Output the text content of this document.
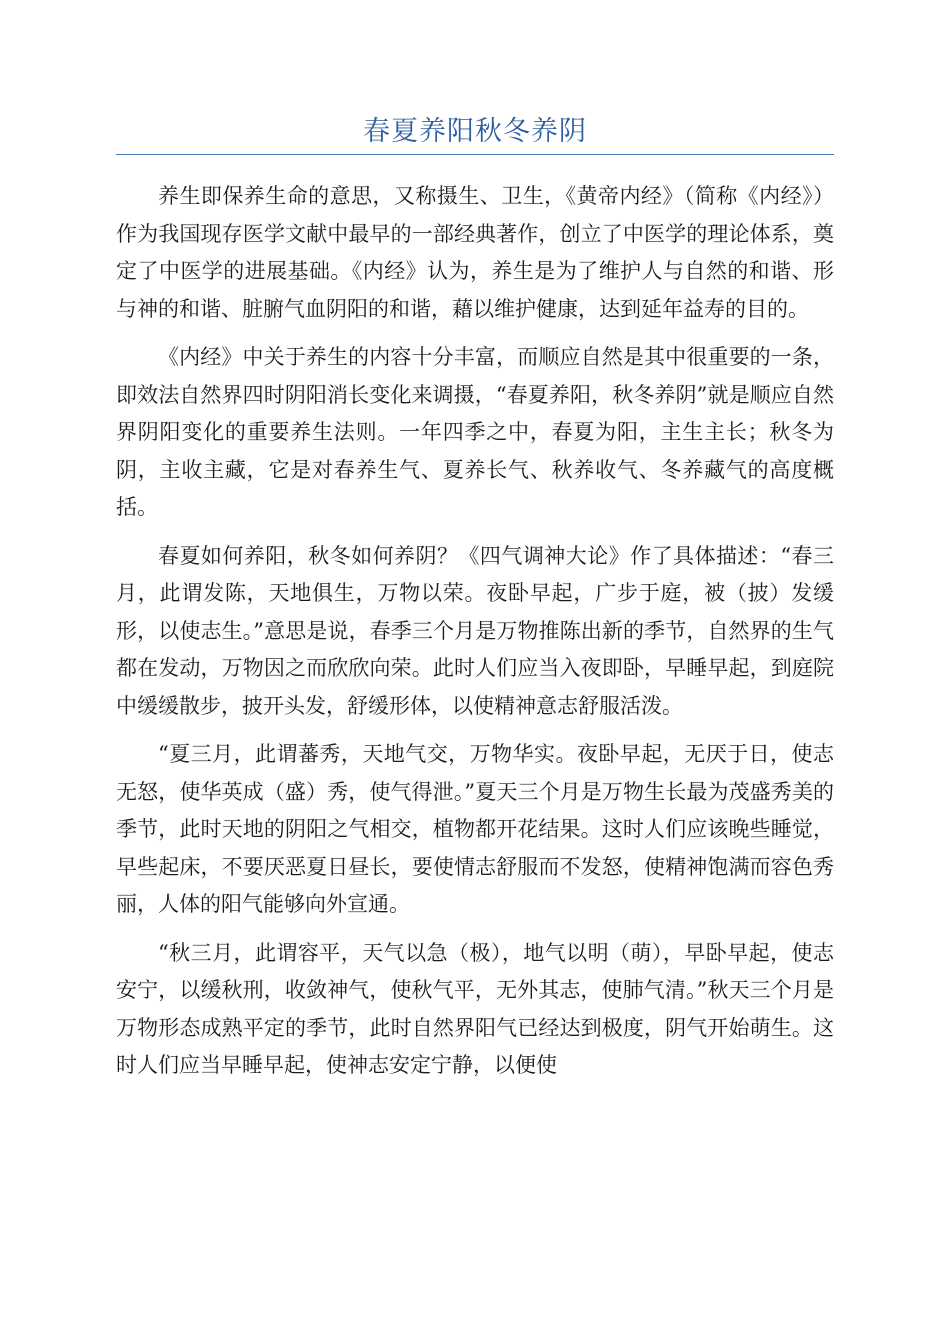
春夏养阳秋冬养阴

养生即保养生命的意思，又称摄生、卫生，《黄帝内经》（简称《内经》）作为我国现存医学文献中最早的一部经典著作，创立了中医学的理论体系，奠定了中医学的进展基础。《内经》认为，养生是为了维护人与自然的和谐、形与神的和谐、脏腑气血阴阳的和谐，藉以维护健康，达到延年益寿的目的。

《内经》中关于养生的内容十分丰富，而顺应自然是其中很重要的一条，即效法自然界四时阴阳消长变化来调摄，“春夏养阳，秋冬养阴”就是顺应自然界阴阳变化的重要养生法则。一年四季之中，春夏为阳，主生主长；秋冬为阴，主收主藏，它是对春养生气、夏养长气、秋养收气、冬养藏气的高度概括。

春夏如何养阳，秋冬如何养阴？《四气调神大论》作了具体描述：“春三月，此谓发陈，天地俱生，万物以荣。夜卧早起，广步于庭，被（披）发缓形，以使志生。”意思是说，春季三个月是万物推陈出新的季节，自然界的生气都在发动，万物因之而欣欣向荣。此时人们应当入夜即卧，早睡早起，到庭院中缓缓散步，披开头发，舒缓形体，以使精神意志舒服活泼。

“夏三月，此谓蕃秀，天地气交，万物华实。夜卧早起，无厌于日，使志无怒，使华英成（盛）秀，使气得泄。”夏天三个月是万物生长最为茂盛秀美的季节，此时天地的阴阳之气相交，植物都开花结果。这时人们应该晚些睡觉，早些起床，不要厌恶夏日昼长，要使情志舒服而不发怒，使精神饱满而容色秀丽，人体的阳气能够向外宣通。

“秋三月，此谓容平，天气以急（极），地气以明（萌），早卧早起，使志安宁，以缓秋刑，收敛神气，使秋气平，无外其志，使肺气清。”秋天三个月是万物形态成熟平定的季节，此时自然界阳气已经达到极度，阴气开始萌生。这时人们应当早睡早起，使神志安定宁静，以便使
